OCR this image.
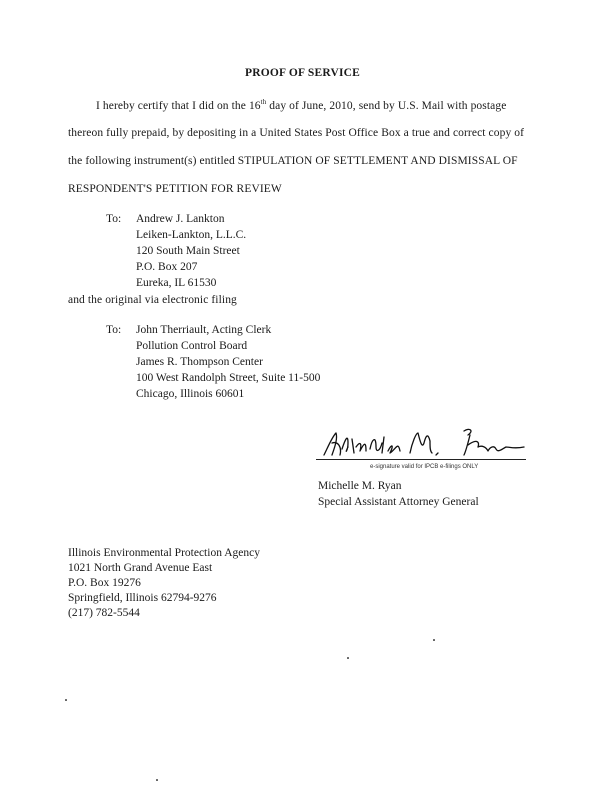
PROOF OF SERVICE
I hereby certify that I did on the 16th day of June, 2010, send by U.S. Mail with postage
thereon fully prepaid, by depositing in a United States Post Office Box a true and correct copy of
the following instrument(s) entitled STIPULATION OF SETTLEMENT AND DISMISSAL OF
RESPONDENT'S PETITION FOR REVIEW
To: Andrew J. Lankton
Leiken-Lankton, L.L.C.
120 South Main Street
P.O. Box 207
Eureka, IL 61530
and the original via electronic filing
To: John Therriault, Acting Clerk
Pollution Control Board
James R. Thompson Center
100 West Randolph Street, Suite 11-500
Chicago, Illinois 60601
e-signature valid for IPCB e-filings ONLY
Michelle M. Ryan
Special Assistant Attorney General
Illinois Environmental Protection Agency
1021 North Grand Avenue East
P.O. Box 19276
Springfield, Illinois 62794-9276
(217) 782-5544
